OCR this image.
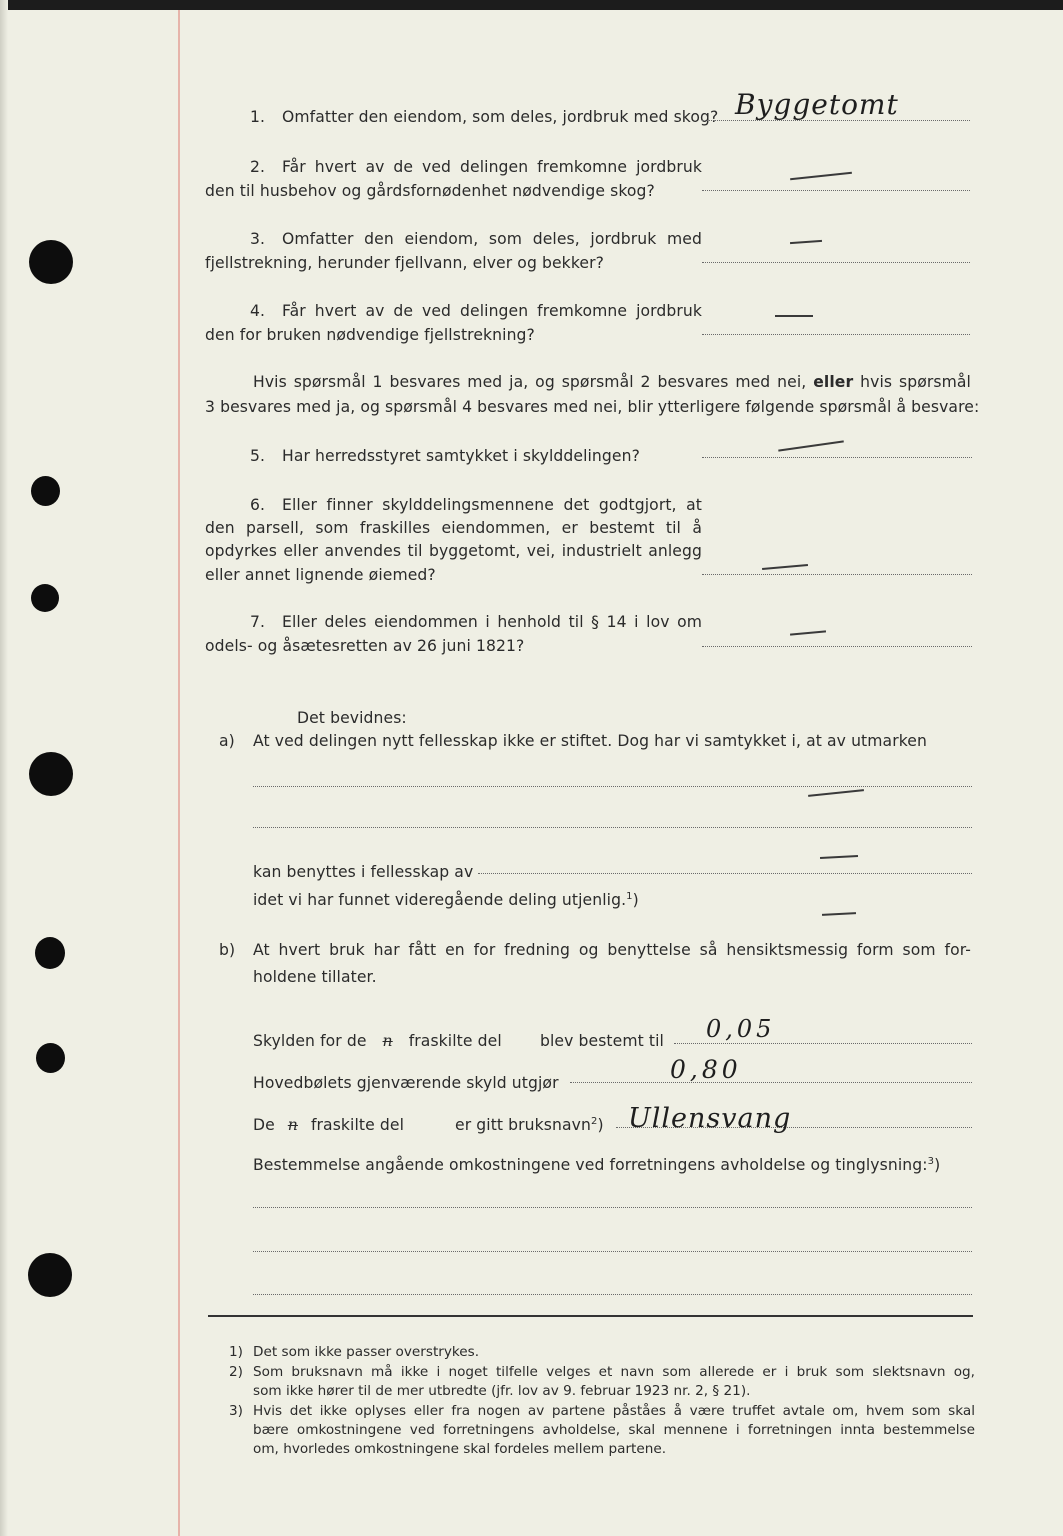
1. Omfatter den eiendom, som deles, jordbruk med skog? Byggetomt
2. Får hvert av de ved delingen fremkomne jordbruk
den til husbehov og gårdsfornødenhet nødvendige skog?
3. Omfatter den eiendom, som deles, jordbruk med
fjellstrekning, herunder fjellvann, elver og bekker?
4. Får hvert av de ved delingen fremkomne jordbruk
den for bruken nødvendige fjellstrekning?
Hvis spørsmål 1 besvares med ja, og spørsmål 2 besvares med nei, eller hvis spørsmål
3 besvares med ja, og spørsmål 4 besvares med nei, blir ytterligere følgende spørsmål å besvare:
5. Har herredsstyret samtykket i skylddelingen?
6. Eller finner skylddelingsmennene det godtgjort, at
den parsell, som fraskilles eiendommen, er bestemt til å
opdyrkes eller anvendes til byggetomt, vei, industrielt anlegg
eller annet lignende øiemed?
7. Eller deles eiendommen i henhold til § 14 i lov om
odels- og åsætesretten av 26 juni 1821?
Det bevidnes:
a) At ved delingen nytt fellesskap ikke er stiftet. Dog har vi samtykket i, at av utmarken
kan benyttes i fellesskap av
idet vi har funnet videregående deling utjenlig.$^1$)
b) At hvert bruk har fått en for fredning og benyttelse så hensiktsmessig form som for-
holdene tillater.
Skylden for de n fraskilte del blev bestemt til 0,05
Hovedbølets gjenværende skyld utgjør	0,80
De n fraskilte del	er gitt bruksnavn$^2$) Ullensvang
Bestemmelse angående omkostningene ved forretningens avholdelse og tinglysning:$^3$)
1) Det som ikke passer overstrykes.
2) Som bruksnavn må ikke i noget tilfelle velges et navn som allerede er i bruk som slektsnavn og,
som ikke hører til de mer utbredte (jfr. lov av 9. februar 1923 nr. 2, § 21).
3) Hvis det ikke oplyses eller fra nogen av partene påståes å være truffet avtale om, hvem som skal
bære omkostningene ved forretningens avholdelse, skal mennene i forretningen innta bestemmelse
om, hvorledes omkostningene skal fordeles mellem partene.
